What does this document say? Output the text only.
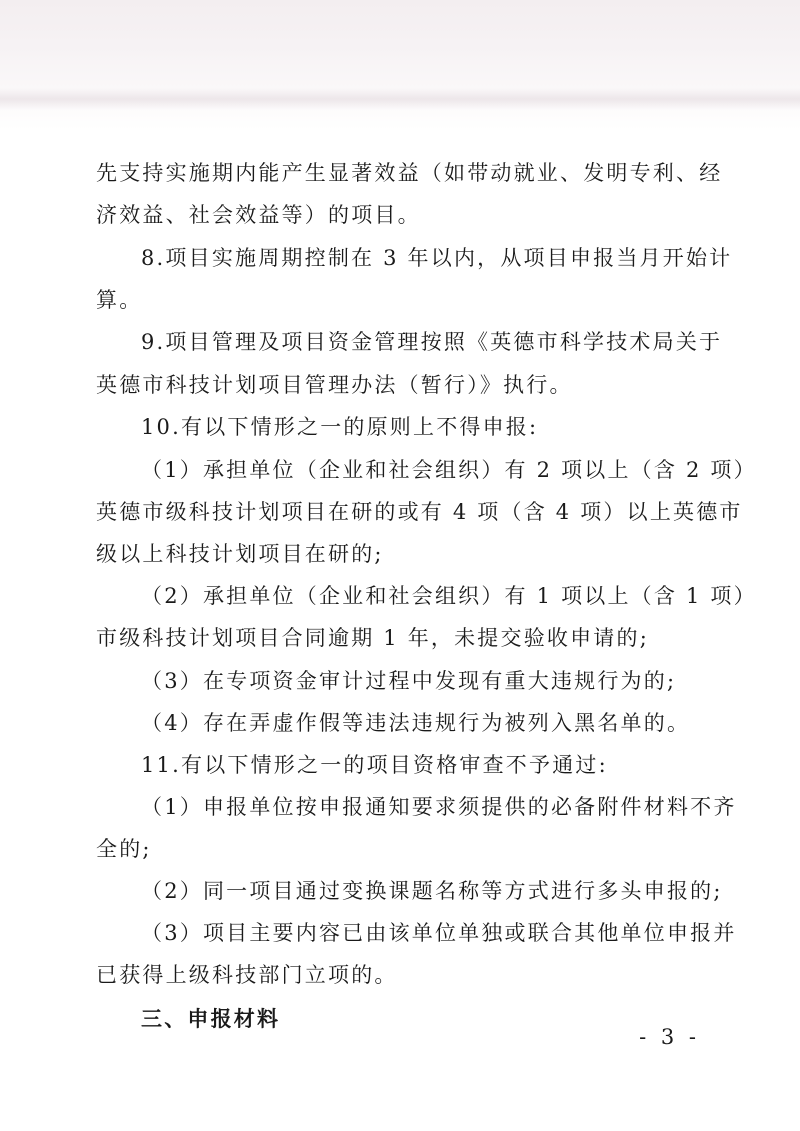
先支持实施期内能产生显著效益（如带动就业、发明专利、经
济效益、社会效益等）的项目。
8.项目实施周期控制在 3 年以内，从项目申报当月开始计
算。
9.项目管理及项目资金管理按照《英德市科学技术局关于
英德市科技计划项目管理办法（暂行）》执行。
10.有以下情形之一的原则上不得申报:
（1）承担单位（企业和社会组织）有 2 项以上（含 2 项）
英德市级科技计划项目在研的或有 4 项（含 4 项）以上英德市
级以上科技计划项目在研的;
（2）承担单位（企业和社会组织）有 1 项以上（含 1 项）
市级科技计划项目合同逾期 1 年，未提交验收申请的;
（3）在专项资金审计过程中发现有重大违规行为的;
（4）存在弄虚作假等违法违规行为被列入黑名单的。
11.有以下情形之一的项目资格审查不予通过:
（1）申报单位按申报通知要求须提供的必备附件材料不齐
全的;
（2）同一项目通过变换课题名称等方式进行多头申报的;
（3）项目主要内容已由该单位单独或联合其他单位申报并
已获得上级科技部门立项的。
三、申报材料
- 3 -
